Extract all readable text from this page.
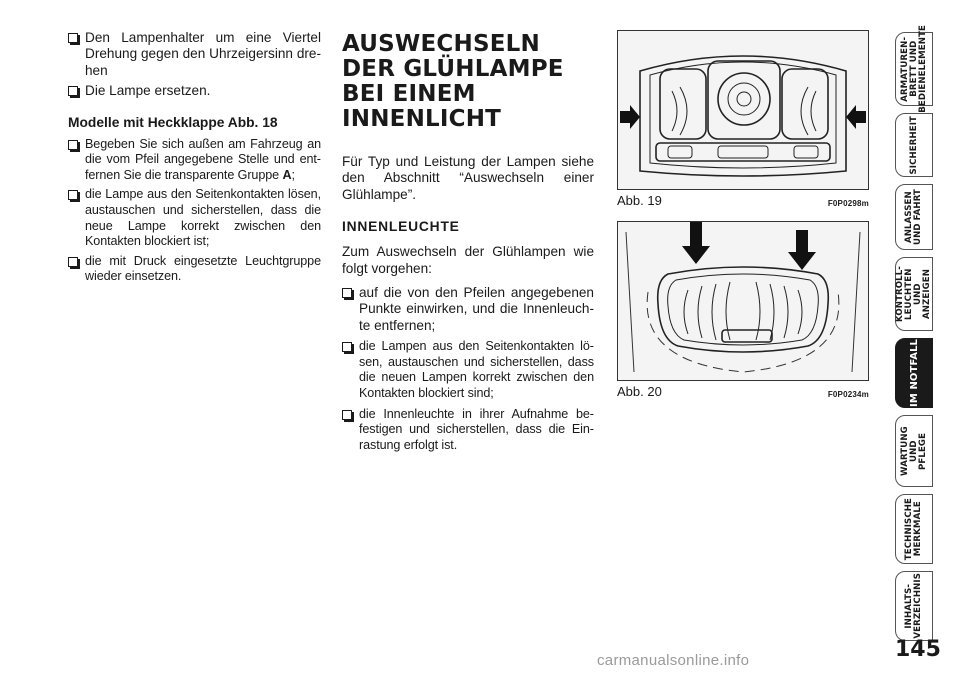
Den Lampenhalter um eine Viertel Drehung gegen den Uhrzeigersinn drehen
Die Lampe ersetzen.
Modelle mit Heckklappe Abb. 18
Begeben Sie sich außen am Fahrzeug an die vom Pfeil angegebene Stelle und entfernen Sie die transparente Gruppe A;
die Lampe aus den Seitenkontakten lösen, austauschen und sicherstellen, dass die neue Lampe korrekt zwischen den Kontakten blockiert ist;
die mit Druck eingesetzte Leuchtgruppe wieder einsetzen.
AUSWECHSELN DER GLÜHLAMPE BEI EINEM INNENLICHT

Für Typ und Leistung der Lampen siehe den Abschnitt “Auswechseln einer Glühlampe”.

INNENLEUCHTE

Zum Auswechseln der Glühlampen wie folgt vorgehen:

auf die von den Pfeilen angegebenen Punkte einwirken, und die Innenleuchte entfernen;
die Lampen aus den Seitenkontakten lösen, austauschen und sicherstellen, dass die neuen Lampen korrekt zwischen den Kontakten blockiert sind;
die Innenleuchte in ihrer Aufnahme befestigen und sicherstellen, dass die Einrastung erfolgt ist.
Abb. 19	F0P0298m
Abb. 20	F0P0234m
ARMATUREN-
BRETT UND
BEDIENELEMENTE
SICHERHEIT
ANLASSEN
UND FAHRT
KONTROLL-
LEUCHTEN UND
ANZEIGEN
IM NOTFALL
WARTUNG UND
PFLEGE
TECHNISCHE
MERKMALE
INHALTS-
VERZEICHNIS
145
carmanualsonline.info
